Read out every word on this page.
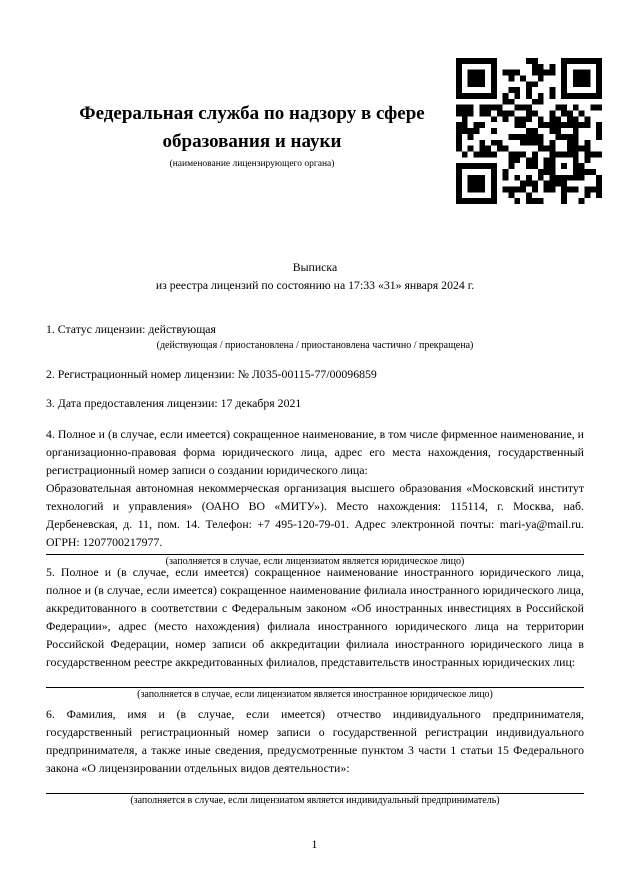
Федеральная служба по надзору в сфере
образования и науки
(наименование лицензирующего органа)
Выписка
из реестра лицензий по состоянию на 17:33 «31» января 2024 г.
1. Статус лицензии: действующая
(действующая / приостановлена / приостановлена частично / прекращена)
2. Регистрационный номер лицензии: № Л035-00115-77/00096859
3. Дата предоставления лицензии: 17 декабря 2021
4. Полное и (в случае, если имеется) сокращенное наименование, в том числе фирменное наименование, и организационно-правовая форма юридического лица, адрес его места нахождения, государственный регистрационный номер записи о создании юридического лица:
Образовательная автономная некоммерческая организация высшего образования «Московский институт технологий и управления» (ОАНО ВО «МИТУ»). Место нахождения: 115114, г. Москва, наб. Дербеневская, д. 11, пом. 14. Телефон: +7 495-120-79-01. Адрес электронной почты: mari-ya@mail.ru. ОГРН: 1207700217977.
(заполняется в случае, если лицензиатом является юридическое лицо)
5. Полное и (в случае, если имеется) сокращенное наименование иностранного юридического лица, полное и (в случае, если имеется) сокращенное наименование филиала иностранного юридического лица, аккредитованного в соответствии с Федеральным законом «Об иностранных инвестициях в Российской Федерации», адрес (место нахождения) филиала иностранного юридического лица на территории Российской Федерации, номер записи об аккредитации филиала иностранного юридического лица в государственном реестре аккредитованных филиалов, представительств иностранных юридических лиц:
(заполняется в случае, если лицензиатом является иностранное юридическое лицо)
6. Фамилия, имя и (в случае, если имеется) отчество индивидуального предпринимателя, государственный регистрационный номер записи о государственной регистрации индивидуального предпринимателя, а также иные сведения, предусмотренные пунктом 3 части 1 статьи 15 Федерального закона «О лицензировании отдельных видов деятельности»:
(заполняется в случае, если лицензиатом является индивидуальный предприниматель)
1
